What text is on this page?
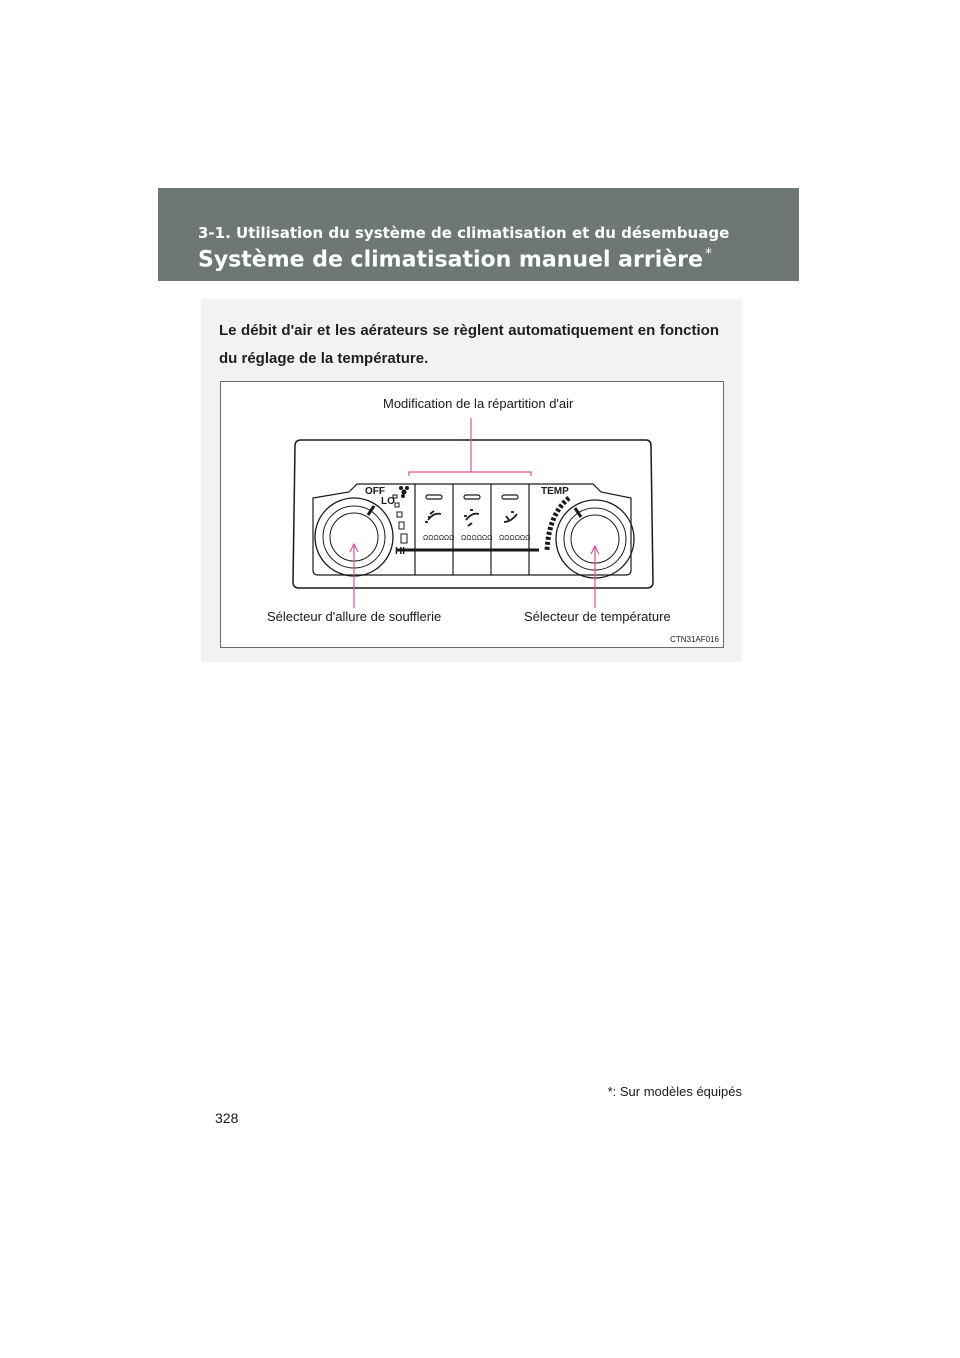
3-1. Utilisation du système de climatisation et du désembuage
Système de climatisation manuel arrière *
Le débit d'air et les aérateurs se règlent automatiquement en fonction du réglage de la température.
ΩΩΩΩΩΩ ΩΩΩΩΩΩ ΩΩΩΩΩΩ
OFF
LO
HI
TEMP
Modification de la répartition d'air
Sélecteur d'allure de soufflerie	Sélecteur de température
CTN31AF016
*: Sur modèles équipés
328
